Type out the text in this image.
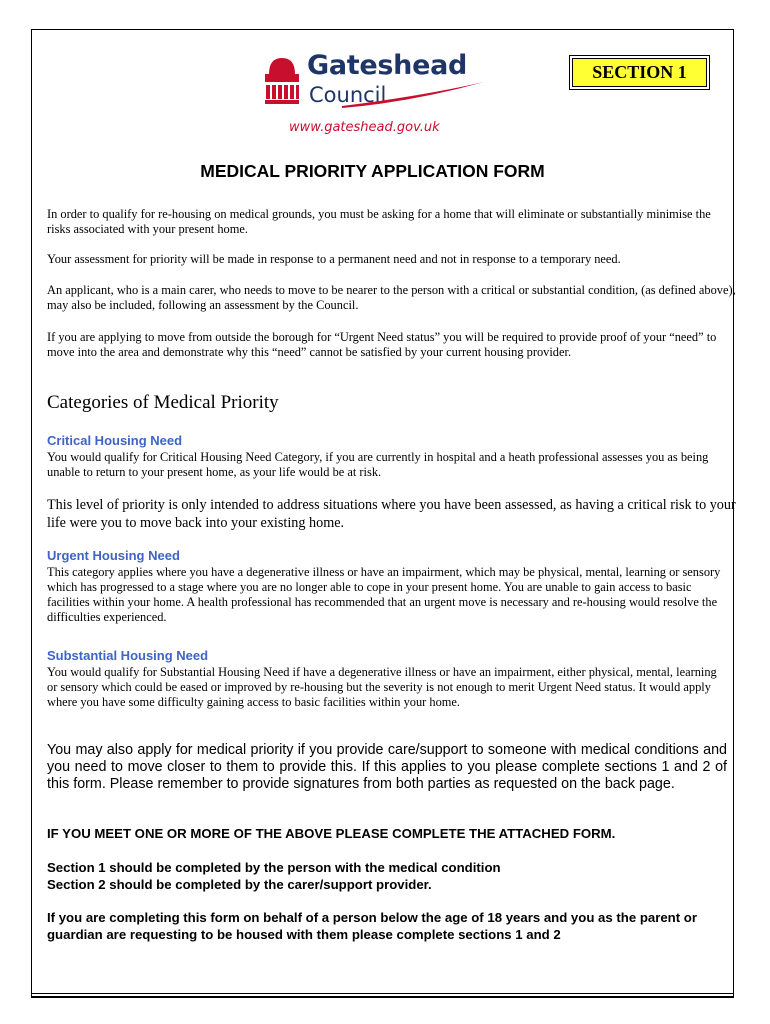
Gateshead
Council
www.gateshead.gov.uk
SECTION 1
MEDICAL PRIORITY APPLICATION FORM

In order to qualify for re-housing on medical grounds, you must be asking for a home that will eliminate or substantially minimise the risks associated with your present home.

Your assessment for priority will be made in response to a permanent need and not in response to a temporary need.

An applicant, who is a main carer, who needs to move to be nearer to the person with a critical or substantial condition, (as defined above), may also be included, following an assessment by the Council.

If you are applying to move from outside the borough for “Urgent Need status” you will be required to provide proof of your “need” to move into the area and demonstrate why this “need” cannot be satisfied by your current housing provider.

Categories of Medical Priority
Critical Housing Need

You would qualify for Critical Housing Need Category, if you are currently in hospital and a heath professional assesses you as being unable to return to your present home, as your life would be at risk.

This level of priority is only intended to address situations where you have been assessed, as having a critical risk to your life were you to move back into your existing home.

Urgent Housing Need

This category applies where you have a degenerative illness or have an impairment, which may be physical, mental, learning or sensory which has progressed to a stage where you are no longer able to cope in your present home. You are unable to gain access to basic facilities within your home. A health professional has recommended that an urgent move is necessary and re-housing would resolve the difficulties experienced.

Substantial Housing Need

You would qualify for Substantial Housing Need if have a degenerative illness or have an impairment, either physical, mental, learning or sensory which could be eased or improved by re-housing but the severity is not enough to merit Urgent Need status. It would apply where you have some difficulty gaining access to basic facilities within your home.

You may also apply for medical priority if you provide care/support to someone with medical conditions and you need to move closer to them to provide this. If this applies to you please complete sections 1 and 2 of this form. Please remember to provide signatures from both parties as requested on the back page.

IF YOU MEET ONE OR MORE OF THE ABOVE PLEASE COMPLETE THE ATTACHED FORM.

Section 1 should be completed by the person with the medical condition

Section 2 should be completed by the carer/support provider.

If you are completing this form on behalf of a person below the age of 18 years and you as the parent or guardian are requesting to be housed with them please complete sections 1 and 2
